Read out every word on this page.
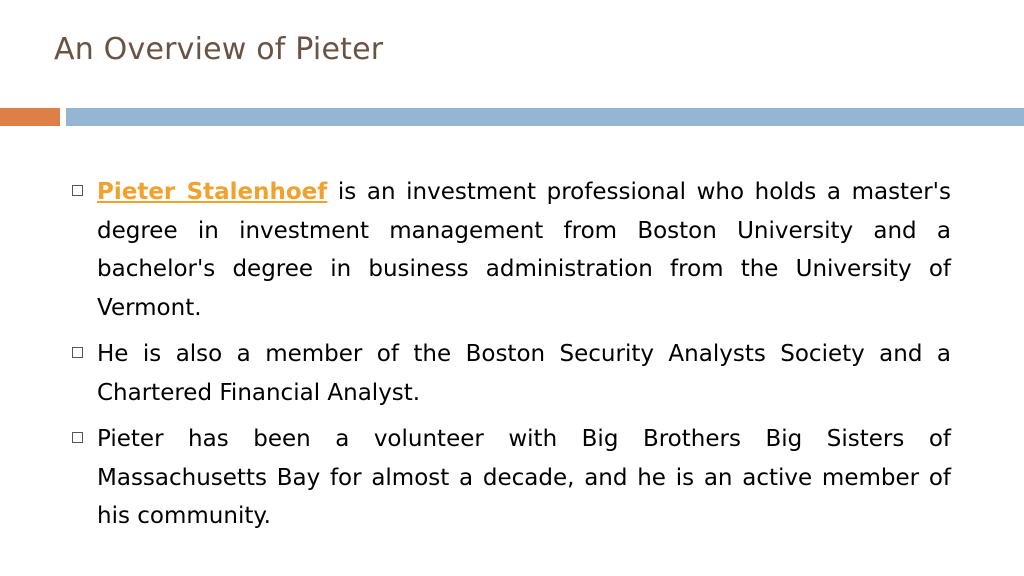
An Overview of Pieter
Pieter Stalenhoef is an investment professional who holds a master's degree in investment management from Boston University and a bachelor's degree in business administration from the University of Vermont.
He is also a member of the Boston Security Analysts Society and a Chartered Financial Analyst.
Pieter has been a volunteer with Big Brothers Big Sisters of Massachusetts Bay for almost a decade, and he is an active member of his community.
